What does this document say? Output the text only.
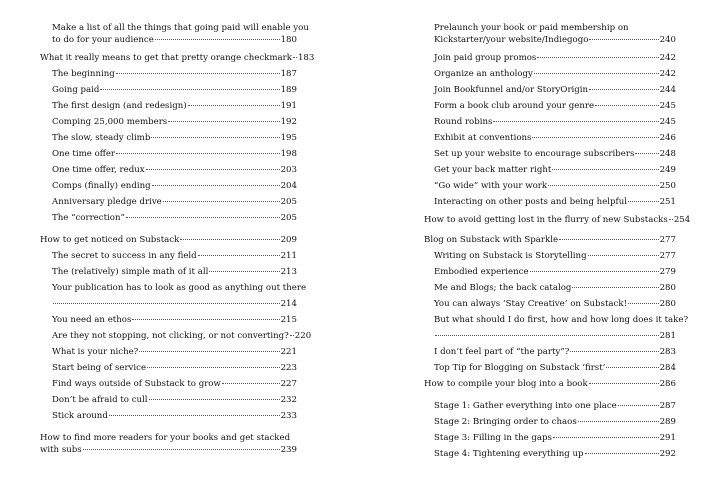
Make a list of all the things that going paid will enable you
to do for your audience	180
What it really means to get that pretty orange checkmark 183
The beginning	187
Going paid	189
The first design (and redesign)	191
Comping 25,000 members	192
The slow, steady climb	195
One time offer	198
One time offer, redux	203
Comps (finally) ending	204
Anniversary pledge drive	205
The “correction”	205
How to get noticed on Substack	209
The secret to success in any field	211
The (relatively) simple math of it all	213
Your publication has to look as good as anything out there
214
You need an ethos	215
Are they not stopping, not clicking, or not converting? 220
What is your niche?	221
Start being of service	223
Find ways outside of Substack to grow	227
Don’t be afraid to cull	232
Stick around	233
How to find more readers for your books and get stacked
with subs	239
Prelaunch your book or paid membership on
Kickstarter/your website/Indiegogo	240
Join paid group promos	242
Organize an anthology	242
Join Bookfunnel and/or StoryOrigin	244
Form a book club around your genre	245
Round robins	245
Exhibit at conventions	246
Set up your website to encourage subscribers	248
Get your back matter right	249
“Go wide” with your work	250
Interacting on other posts and being helpful	251
How to avoid getting lost in the flurry of new Substacks 254
Blog on Substack with Sparkle	277
Writing on Substack is Storytelling	277
Embodied experience	279
Me and Blogs; the back catalog	280
You can always ‘Stay Creative’ on Substack!	280
But what should I do first, how and how long does it take?
281
I don’t feel part of “the party”?	283
Top Tip for Blogging on Substack ‘first’	284
How to compile your blog into a book	286
Stage 1: Gather everything into one place	287
Stage 2: Bringing order to chaos	289
Stage 3: Filling in the gaps	291
Stage 4: Tightening everything up	292
